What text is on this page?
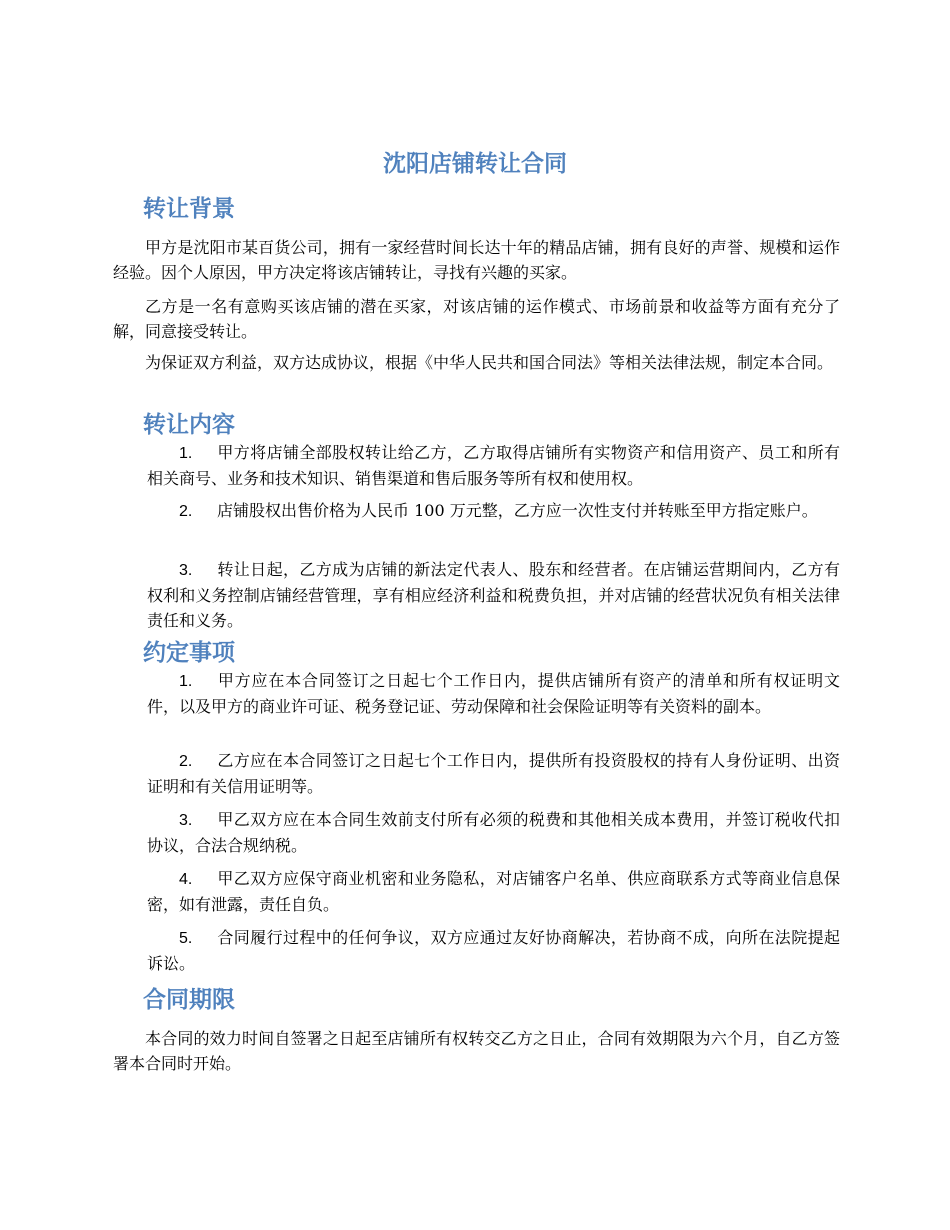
沈阳店铺转让合同
转让背景

甲方是沈阳市某百货公司，拥有一家经营时间长达十年的精品店铺，拥有良好的声誉、规模和运作经验。因个人原因，甲方决定将该店铺转让，寻找有兴趣的买家。

乙方是一名有意购买该店铺的潜在买家，对该店铺的运作模式、市场前景和收益等方面有充分了解，同意接受转让。

为保证双方利益，双方达成协议，根据《中华人民共和国合同法》等相关法律法规，制定本合同。

转让内容

1. 甲方将店铺全部股权转让给乙方，乙方取得店铺所有实物资产和信用资产、员工和所有相关商号、业务和技术知识、销售渠道和售后服务等所有权和使用权。

2. 店铺股权出售价格为人民币 100 万元整，乙方应一次性支付并转账至甲方指定账户。

3. 转让日起，乙方成为店铺的新法定代表人、股东和经营者。在店铺运营期间内，乙方有权利和义务控制店铺经营管理，享有相应经济利益和税费负担，并对店铺的经营状况负有相关法律责任和义务。

约定事项

1. 甲方应在本合同签订之日起七个工作日内，提供店铺所有资产的清单和所有权证明文件，以及甲方的商业许可证、税务登记证、劳动保障和社会保险证明等有关资料的副本。

2. 乙方应在本合同签订之日起七个工作日内，提供所有投资股权的持有人身份证明、出资证明和有关信用证明等。

3. 甲乙双方应在本合同生效前支付所有必须的税费和其他相关成本费用，并签订税收代扣协议，合法合规纳税。

4. 甲乙双方应保守商业机密和业务隐私，对店铺客户名单、供应商联系方式等商业信息保密，如有泄露，责任自负。

5. 合同履行过程中的任何争议，双方应通过友好协商解决，若协商不成，向所在法院提起诉讼。

合同期限

本合同的效力时间自签署之日起至店铺所有权转交乙方之日止，合同有效期限为六个月，自乙方签署本合同时开始。
